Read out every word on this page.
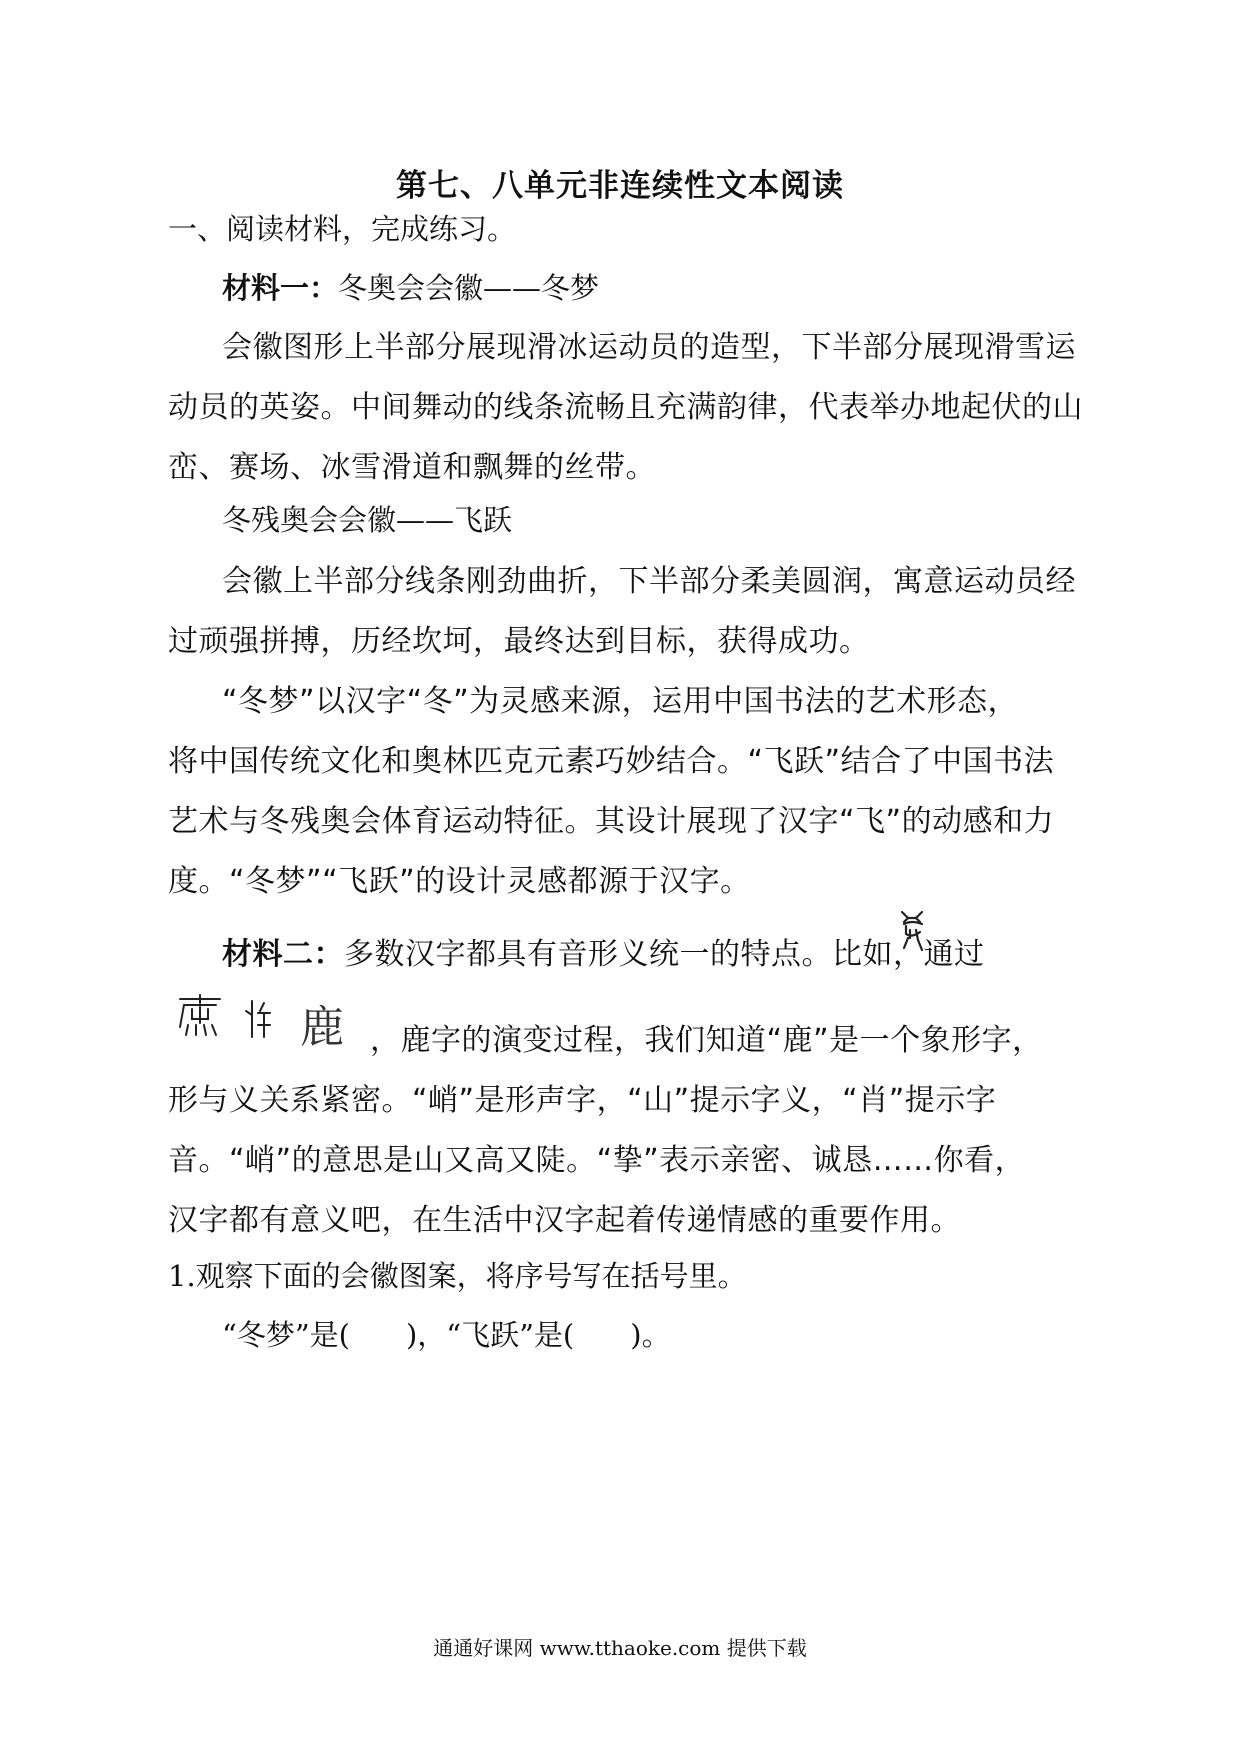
第七、八单元非连续性文本阅读
一、阅读材料，完成练习。
材料一：冬奥会会徽——冬梦
会徽图形上半部分展现滑冰运动员的造型，下半部分展现滑雪运
动员的英姿。中间舞动的线条流畅且充满韵律，代表举办地起伏的山
峦、赛场、冰雪滑道和飘舞的丝带。
冬残奥会会徽——飞跃
会徽上半部分线条刚劲曲折，下半部分柔美圆润，寓意运动员经
过顽强拼搏，历经坎坷，最终达到目标，获得成功。
“冬梦”以汉字“冬”为灵感来源，运用中国书法的艺术形态，
将中国传统文化和奥林匹克元素巧妙结合。“飞跃”结合了中国书法
艺术与冬残奥会体育运动特征。其设计展现了汉字“飞”的动感和力
度。“冬梦”“飞跃”的设计灵感都源于汉字。
材料二：多数汉字都具有音形义统一的特点。比如，通过
鹿 ，鹿字的演变过程，我们知道“鹿”是一个象形字，
形与义关系紧密。“峭”是形声字，“山”提示字义，“肖”提示字
音。“峭”的意思是山又高又陡。“挚”表示亲密、诚恳……你看，
汉字都有意义吧，在生活中汉字起着传递情感的重要作用。
1.观察下面的会徽图案，将序号写在括号里。
“冬梦”是( )，“飞跃”是( )。
通通好课网 www.tthaoke.com 提供下载
